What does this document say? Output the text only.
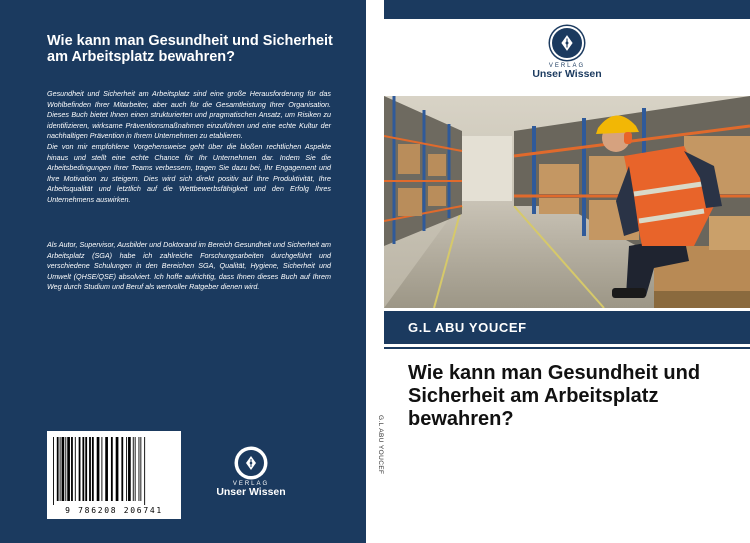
Wie kann man Gesundheit und Sicherheit am Arbeitsplatz bewahren?

Gesundheit und Sicherheit am Arbeitsplatz sind eine große Herausforderung für das Wohlbefinden Ihrer Mitarbeiter, aber auch für die Gesamtleistung Ihrer Organisation. Dieses Buch bietet Ihnen einen strukturierten und pragmatischen Ansatz, um Risiken zu identifizieren, wirksame Präventionsmaßnahmen einzuführen und eine echte Kultur der nachhaltigen Prävention in Ihrem Unternehmen zu etablieren.

Die von mir empfohlene Vorgehensweise geht über die bloßen rechtlichen Aspekte hinaus und stellt eine echte Chance für Ihr Unternehmen dar. Indem Sie die Arbeitsbedingungen Ihrer Teams verbessern, tragen Sie dazu bei, Ihr Engagement und Ihre Motivation zu steigern. Dies wird sich direkt positiv auf Ihre Produktivität, Ihre Arbeitsqualität und letztlich auf die Wettbewerbsfähigkeit und den Erfolg Ihres Unternehmens auswirken.

Als Autor, Supervisor, Ausbilder und Doktorand im Bereich Gesundheit und Sicherheit am Arbeitsplatz (SGA) habe ich zahlreiche Forschungsarbeiten durchgeführt und verschiedene Schulungen in den Bereichen SGA, Qualität, Hygiene, Sicherheit und Umwelt (QHSE/QSE) absolviert. Ich hoffe aufrichtig, dass Ihnen dieses Buch auf Ihrem Weg durch Studium und Beruf als wertvoller Ratgeber dienen wird.

9 786208 206741
VERLAG
Unser Wissen
G.L ABU YOUCEF
VERLAG
Unser Wissen
G.L ABU YOUCEF
Wie kann man Gesundheit und Sicherheit am Arbeitsplatz bewahren?
